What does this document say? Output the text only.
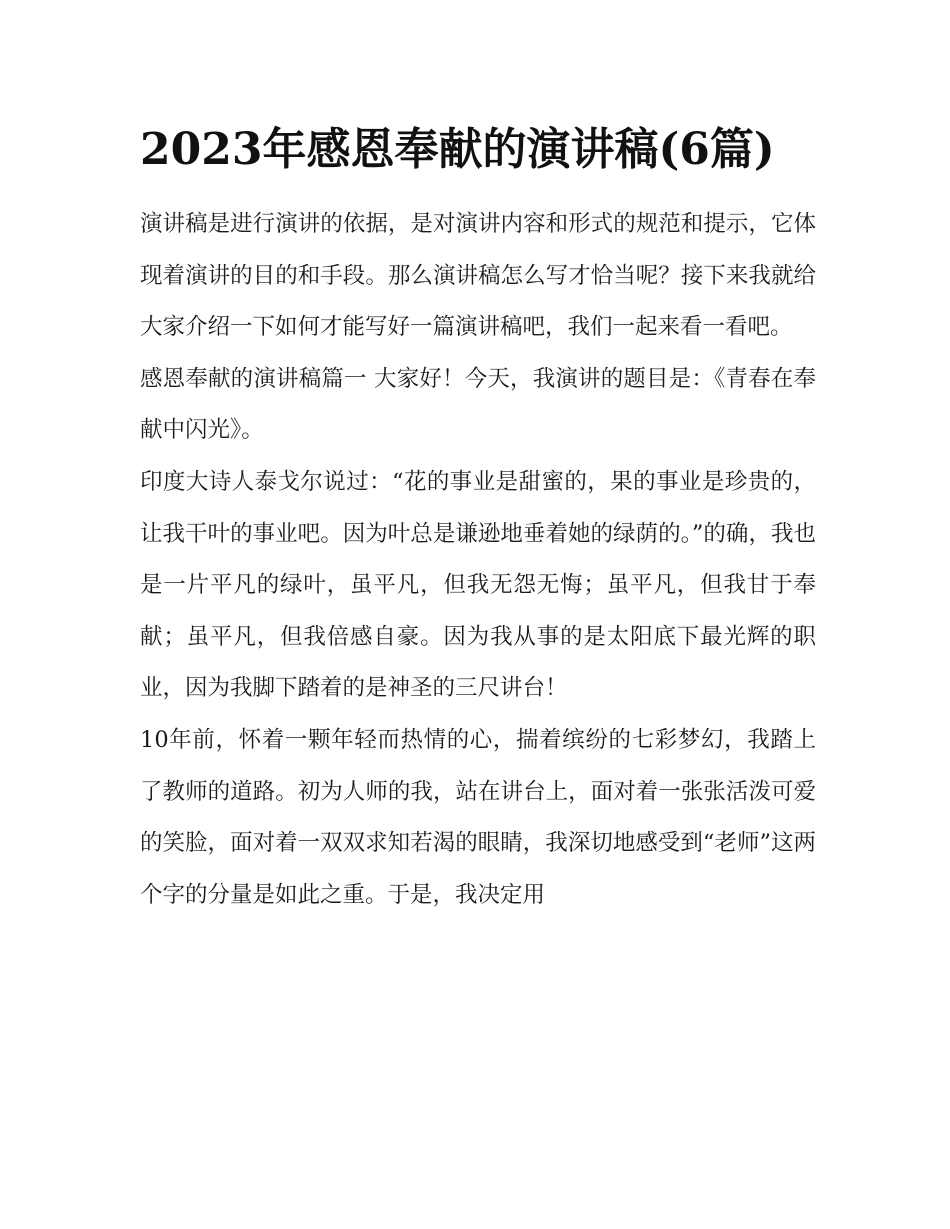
2023年感恩奉献的演讲稿(6篇)

演讲稿是进行演讲的依据，是对演讲内容和形式的规范和提示，它体现着演讲的目的和手段。那么演讲稿怎么写才恰当呢？接下来我就给大家介绍一下如何才能写好一篇演讲稿吧，我们一起来看一看吧。

感恩奉献的演讲稿篇一 大家好！今天，我演讲的题目是：《青春在奉献中闪光》。

印度大诗人泰戈尔说过：“花的事业是甜蜜的，果的事业是珍贵的，让我干叶的事业吧。因为叶总是谦逊地垂着她的绿荫的。”的确，我也是一片平凡的绿叶，虽平凡，但我无怨无悔；虽平凡，但我甘于奉献；虽平凡，但我倍感自豪。因为我从事的是太阳底下最光辉的职业，因为我脚下踏着的是神圣的三尺讲台！

10年前，怀着一颗年轻而热情的心，揣着缤纷的七彩梦幻，我踏上了教师的道路。初为人师的我，站在讲台上，面对着一张张活泼可爱的笑脸，面对着一双双求知若渴的眼睛，我深切地感受到“老师”这两个字的分量是如此之重。于是，我决定用
